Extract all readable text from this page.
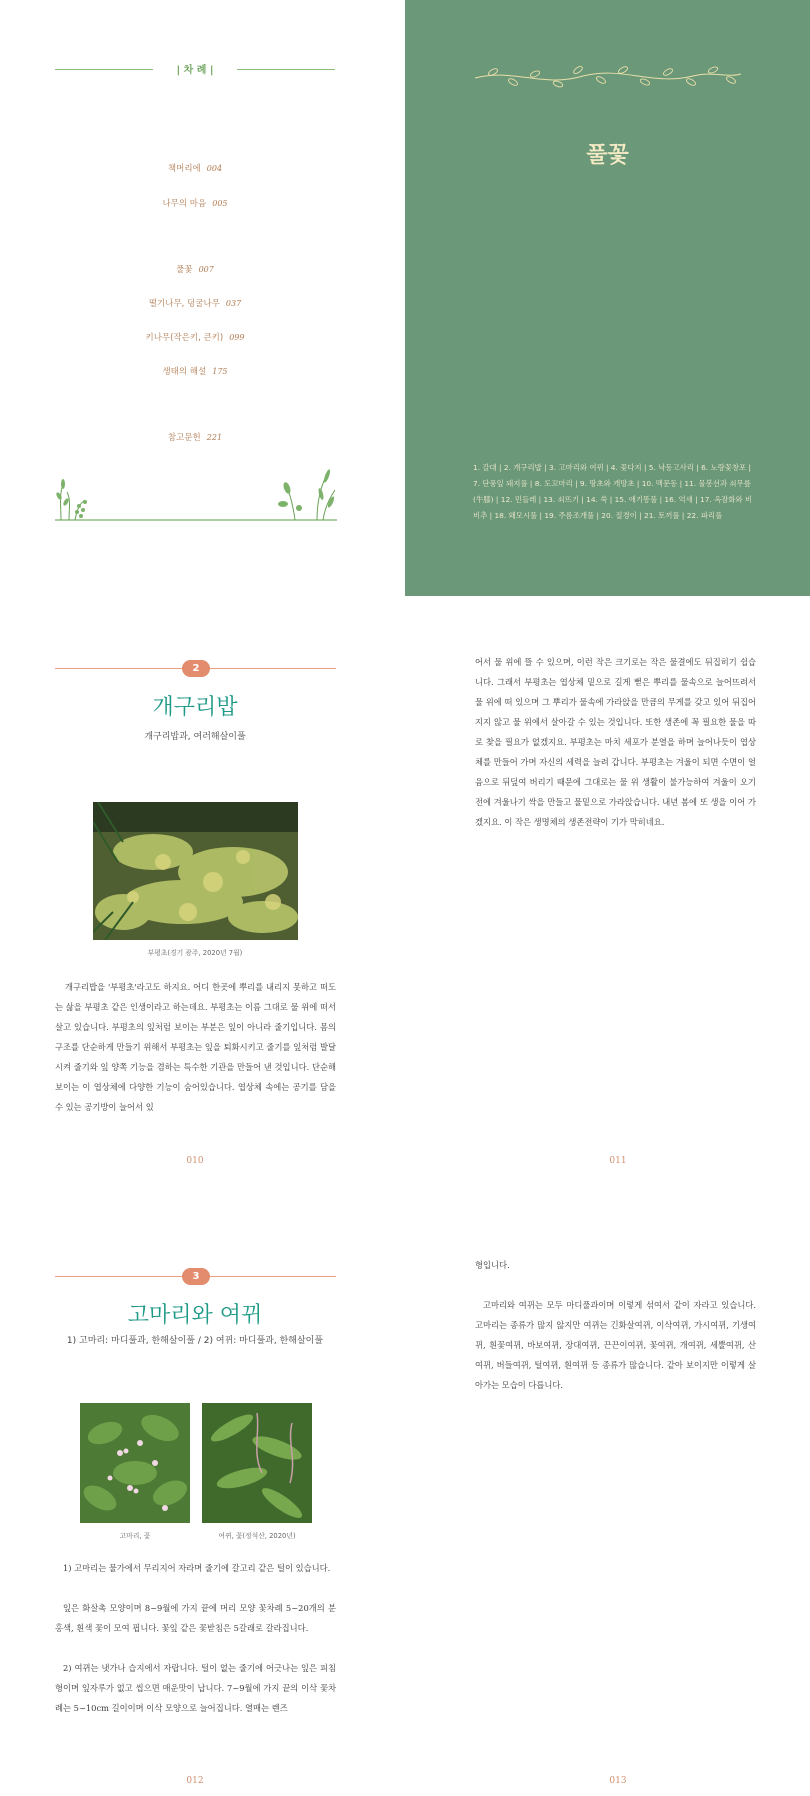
| 차 례 |
책머리에 004
나무의 마음 005
풀꽃 007
떨기나무, 덩굴나무 037
키나무(작은키, 큰키) 099
생태의 해설 175
참고문헌 221
풀꽃
1. 갈대 | 2. 개구리밥 | 3. 고마리와 여뀌 | 4. 꽃다지 | 5. 낙동고사리 | 6. 노랑꽃창포 | 7. 단풍잎 돼지풀 | 8. 도꼬마리 | 9. 땅초와 개망초 | 10. 맥문동 | 11. 물봉선과 쇠무릎(牛膝) | 12. 민들레 | 13. 쇠뜨기 | 14. 쑥 | 15. 애기똥풀 | 16. 억새 | 17. 옥잠화와 비비추 | 18. 왜모시풀 | 19. 주름조개풀 | 20. 질경이 | 21. 토끼풀 | 22. 파리풀
2
개구리밥
개구리밥과, 여러해살이풀
부평초(경기 광주, 2020년 7월)
개구리밥을 '부평초'라고도 하지요. 어디 한곳에 뿌리를 내리지 못하고 떠도는 삶을 부평초 같은 인생이라고 하는데요. 부평초는 이름 그대로 물 위에 떠서 살고 있습니다. 부평초의 잎처럼 보이는 부분은 잎이 아니라 줄기입니다. 몸의 구조를 단순하게 만들기 위해서 부평초는 잎을 퇴화시키고 줄기를 잎처럼 발달시켜 줄기와 잎 양쪽 기능을 겸하는 특수한 기관을 만들어 낸 것입니다. 단순해 보이는 이 엽상체에 다양한 기능이 숨어있습니다. 엽상체 속에는 공기를 담을 수 있는 공기방이 늘어서 있
010
어서 물 위에 뜰 수 있으며, 이런 작은 크기로는 작은 물결에도 뒤집히기 쉽습니다. 그래서 부평초는 엽상체 밑으로 길게 뻗은 뿌리를 물속으로 늘어뜨려서 물 위에 떠 있으며 그 뿌리가 물속에 가라앉을 만큼의 무게를 갖고 있어 뒤집어 지지 않고 물 위에서 살아갈 수 있는 것입니다. 또한 생존에 꼭 필요한 물을 따로 찾을 필요가 없겠지요. 부평초는 마치 세포가 분열을 하며 늘어나듯이 엽상체를 만들어 가며 자신의 세력을 늘려 갑니다. 부평초는 겨울이 되면 수면이 얼음으로 뒤덮여 버리기 때문에 그대로는 물 위 생활이 불가능하여 겨울이 오기 전에 겨울나기 싹을 만들고 물밑으로 가라앉습니다. 내년 봄에 또 생을 이어 가겠지요. 이 작은 생명체의 생존전략이 기가 막히네요.
011
3
고마리와 여뀌
1) 고마리: 마디풀과, 한해살이풀 / 2) 여뀌: 마디풀과, 한해살이풀
고마리, 꽃	여뀌, 꽃(정석산, 2020년)
1) 고마리는 물가에서 무리지어 자라며 줄기에 갈고리 같은 털이 있습니다.
잎은 화살촉 모양이며 8~9월에 가지 끝에 머리 모양 꽃차례 5~20개의 분홍색, 흰색 꽃이 모여 핍니다. 꽃잎 같은 꽃받침은 5갈래로 갈라집니다.
2) 여뀌는 냇가나 습지에서 자랍니다. 털이 없는 줄기에 어긋나는 잎은 피침형이며 잎자루가 없고 씹으면 매운맛이 납니다. 7~9월에 가지 끝의 이삭 꽃차례는 5~10cm 길이이며 이삭 모양으로 늘어집니다. 열매는 렌즈
012
형입니다.
고마리와 여뀌는 모두 마디풀과이며 이렇게 섞여서 같이 자라고 있습니다. 고마리는 종류가 많지 않지만 여뀌는 긴화살여뀌, 이삭여뀌, 가시여뀌, 기생여뀌, 흰꽃여뀌, 바보여뀌, 장대여뀌, 끈끈이여뀌, 꽃여뀌, 개여뀌, 세뿔여뀌, 산여뀌, 버들여뀌, 털여뀌, 흰여뀌 등 종류가 많습니다. 같아 보이지만 이렇게 살아가는 모습이 다릅니다.
013
